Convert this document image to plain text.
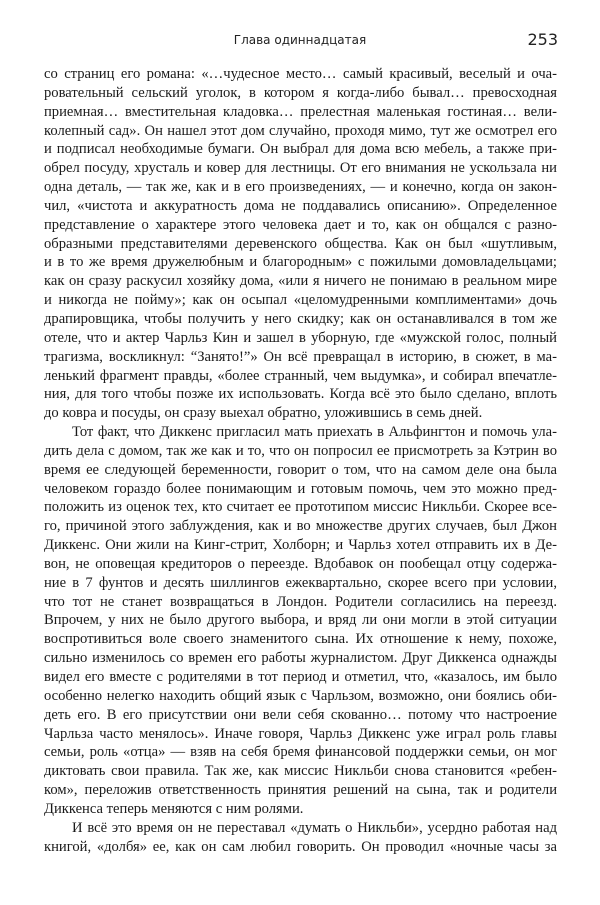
Глава одиннадцатая	253
со страниц его романа: «…чудесное место… самый красивый, веселый и оча-
ровательный сельский уголок, в котором я когда-либо бывал… превосходная
приемная… вместительная кладовка… прелестная маленькая гостиная… вели-
колепный сад». Он нашел этот дом случайно, проходя мимо, тут же осмотрел его
и подписал необходимые бумаги. Он выбрал для дома всю мебель, а также при-
обрел посуду, хрусталь и ковер для лестницы. От его внимания не ускользала ни
одна деталь, — так же, как и в его произведениях, — и конечно, когда он закон-
чил, «чистота и аккуратность дома не поддавались описанию». Определенное
представление о характере этого человека дает и то, как он общался с разно-
образными представителями деревенского общества. Как он был «шутливым,
и в то же время дружелюбным и благородным» с пожилыми домовладельцами;
как он сразу раскусил хозяйку дома, «или я ничего не понимаю в реальном мире
и никогда не пойму»; как он осыпал «целомудренными комплиментами» дочь
драпировщика, чтобы получить у него скидку; как он останавливался в том же
отеле, что и актер Чарльз Кин и зашел в уборную, где «мужской голос, полный
трагизма, воскликнул: “Занято!”» Он всё превращал в историю, в сюжет, в ма-
ленький фрагмент правды, «более странный, чем выдумка», и собирал впечатле-
ния, для того чтобы позже их использовать. Когда всё это было сделано, вплоть
до ковра и посуды, он сразу выехал обратно, уложившись в семь дней.
Тот факт, что Диккенс пригласил мать приехать в Альфингтон и помочь ула-
дить дела с домом, так же как и то, что он попросил ее присмотреть за Кэтрин во
время ее следующей беременности, говорит о том, что на самом деле она была
человеком гораздо более понимающим и готовым помочь, чем это можно пред-
положить из оценок тех, кто считает ее прототипом миссис Никльби. Скорее все-
го, причиной этого заблуждения, как и во множестве других случаев, был Джон
Диккенс. Они жили на Кинг-стрит, Холборн; и Чарльз хотел отправить их в Де-
вон, не оповещая кредиторов о переезде. Вдобавок он пообещал отцу содержа-
ние в 7 фунтов и десять шиллингов ежеквартально, скорее всего при условии,
что тот не станет возвращаться в Лондон. Родители согласились на переезд.
Впрочем, у них не было другого выбора, и вряд ли они могли в этой ситуации
воспротивиться воле своего знаменитого сына. Их отношение к нему, похоже,
сильно изменилось со времен его работы журналистом. Друг Диккенса однажды
видел его вместе с родителями в тот период и отметил, что, «казалось, им было
особенно нелегко находить общий язык с Чарльзом, возможно, они боялись оби-
деть его. В его присутствии они вели себя скованно… потому что настроение
Чарльза часто менялось». Иначе говоря, Чарльз Диккенс уже играл роль главы
семьи, роль «отца» — взяв на себя бремя финансовой поддержки семьи, он мог
диктовать свои правила. Так же, как миссис Никльби снова становится «ребен-
ком», переложив ответственность принятия решений на сына, так и родители
Диккенса теперь меняются с ним ролями.
И всё это время он не переставал «думать о Никльби», усердно работая над
книгой, «долбя» ее, как он сам любил говорить. Он проводил «ночные часы за
